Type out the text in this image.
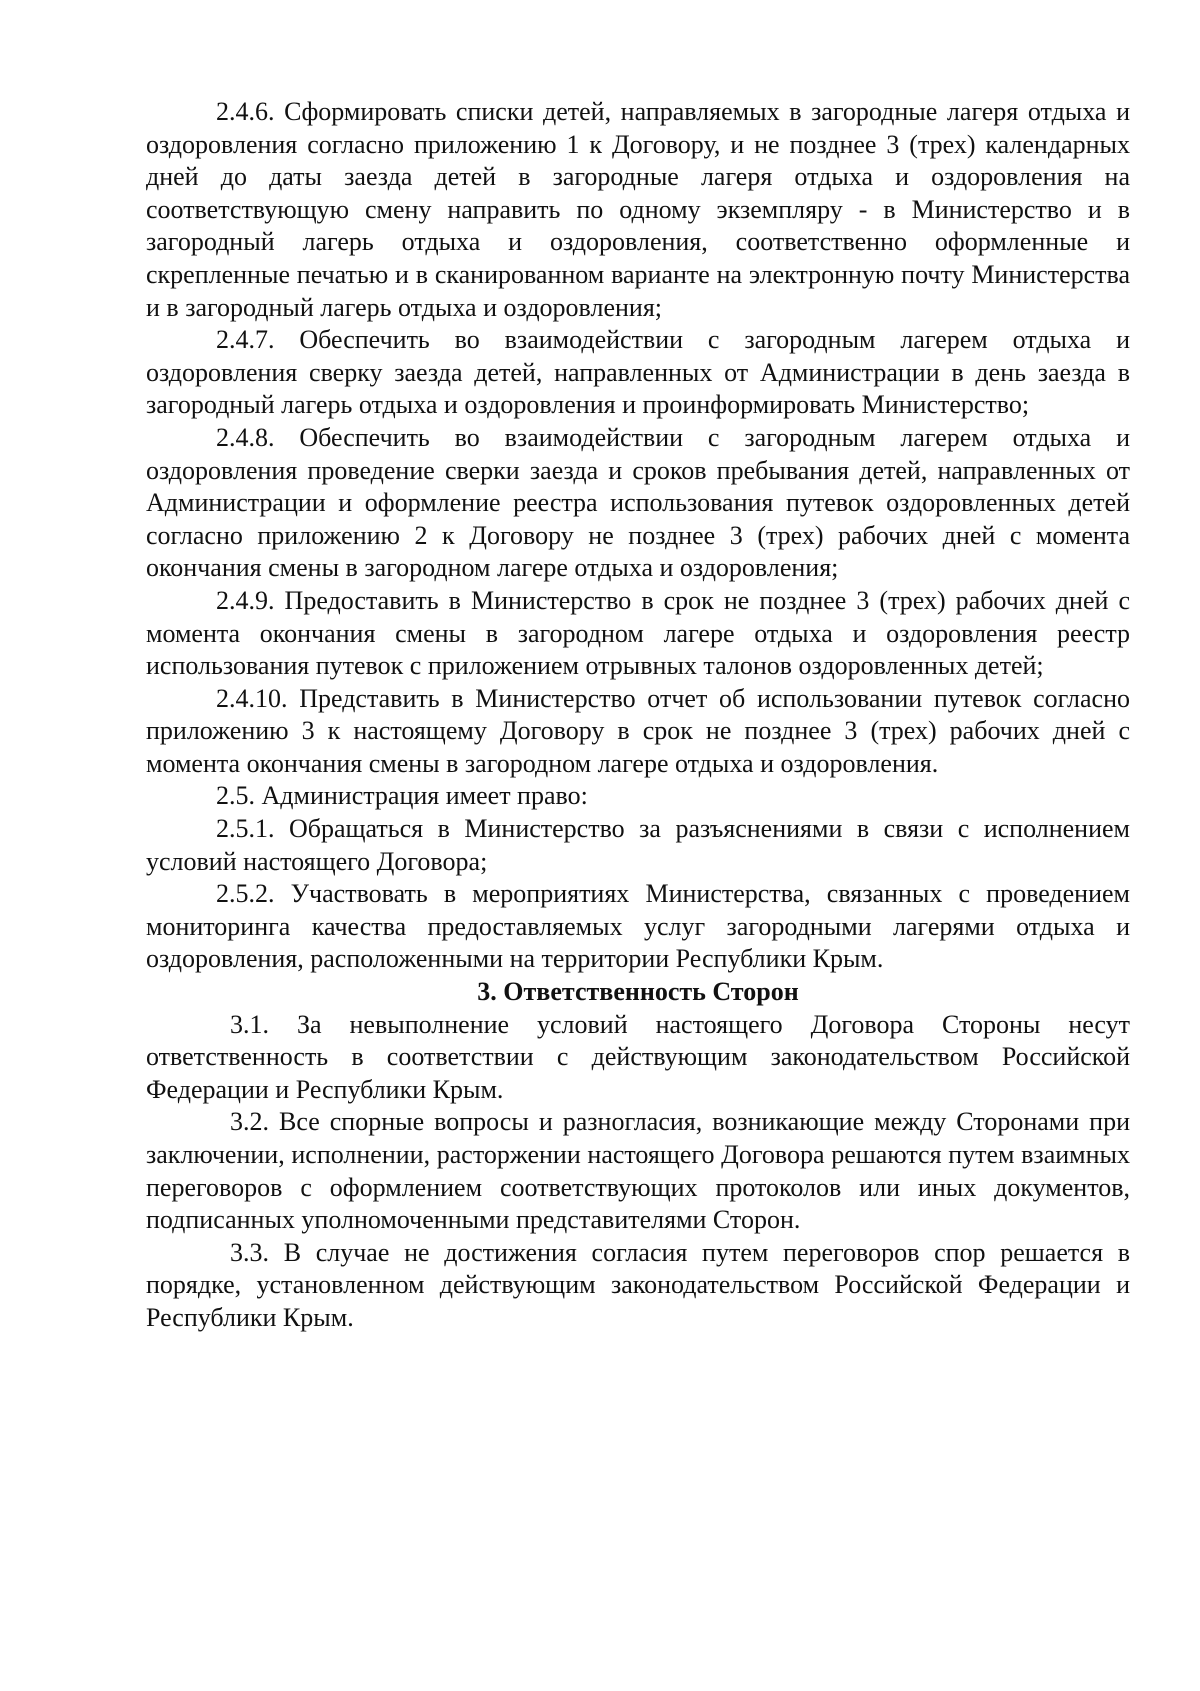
2.4.6. Сформировать списки детей, направляемых в загородные лагеря отдыха и оздоровления согласно приложению 1 к Договору, и не позднее 3 (трех) календарных дней до даты заезда детей в загородные лагеря отдыха и оздоровления на соответствующую смену направить по одному экземпляру - в Министерство и в загородный лагерь отдыха и оздоровления, соответственно оформленные и скрепленные печатью и в сканированном варианте на электронную почту Министерства и в загородный лагерь отдыха и оздоровления;

2.4.7. Обеспечить во взаимодействии с загородным лагерем отдыха и оздоровления сверку заезда детей, направленных от Администрации в день заезда в загородный лагерь отдыха и оздоровления и проинформировать Министерство;

2.4.8. Обеспечить во взаимодействии с загородным лагерем отдыха и оздоровления проведение сверки заезда и сроков пребывания детей, направленных от Администрации и оформление реестра использования путевок оздоровленных детей согласно приложению 2 к Договору не позднее 3 (трех) рабочих дней с момента окончания смены в загородном лагере отдыха и оздоровления;

2.4.9. Предоставить в Министерство в срок не позднее 3 (трех) рабочих дней с момента окончания смены в загородном лагере отдыха и оздоровления реестр использования путевок с приложением отрывных талонов оздоровленных детей;

2.4.10. Представить в Министерство отчет об использовании путевок согласно приложению 3 к настоящему Договору в срок не позднее 3 (трех) рабочих дней с момента окончания смены в загородном лагере отдыха и оздоровления.

2.5. Администрация имеет право:

2.5.1. Обращаться в Министерство за разъяснениями в связи с исполнением условий настоящего Договора;

2.5.2. Участвовать в мероприятиях Министерства, связанных с проведением мониторинга качества предоставляемых услуг загородными лагерями отдыха и оздоровления, расположенными на территории Республики Крым.

3. Ответственность Сторон

3.1. За невыполнение условий настоящего Договора Стороны несут ответственность в соответствии с действующим законодательством Российской Федерации и Республики Крым.

3.2. Все спорные вопросы и разногласия, возникающие между Сторонами при заключении, исполнении, расторжении настоящего Договора решаются путем взаимных переговоров с оформлением соответствующих протоколов или иных документов, подписанных уполномоченными представителями Сторон.

3.3. В случае не достижения согласия путем переговоров спор решается в порядке, установленном действующим законодательством Российской Федерации и Республики Крым.
